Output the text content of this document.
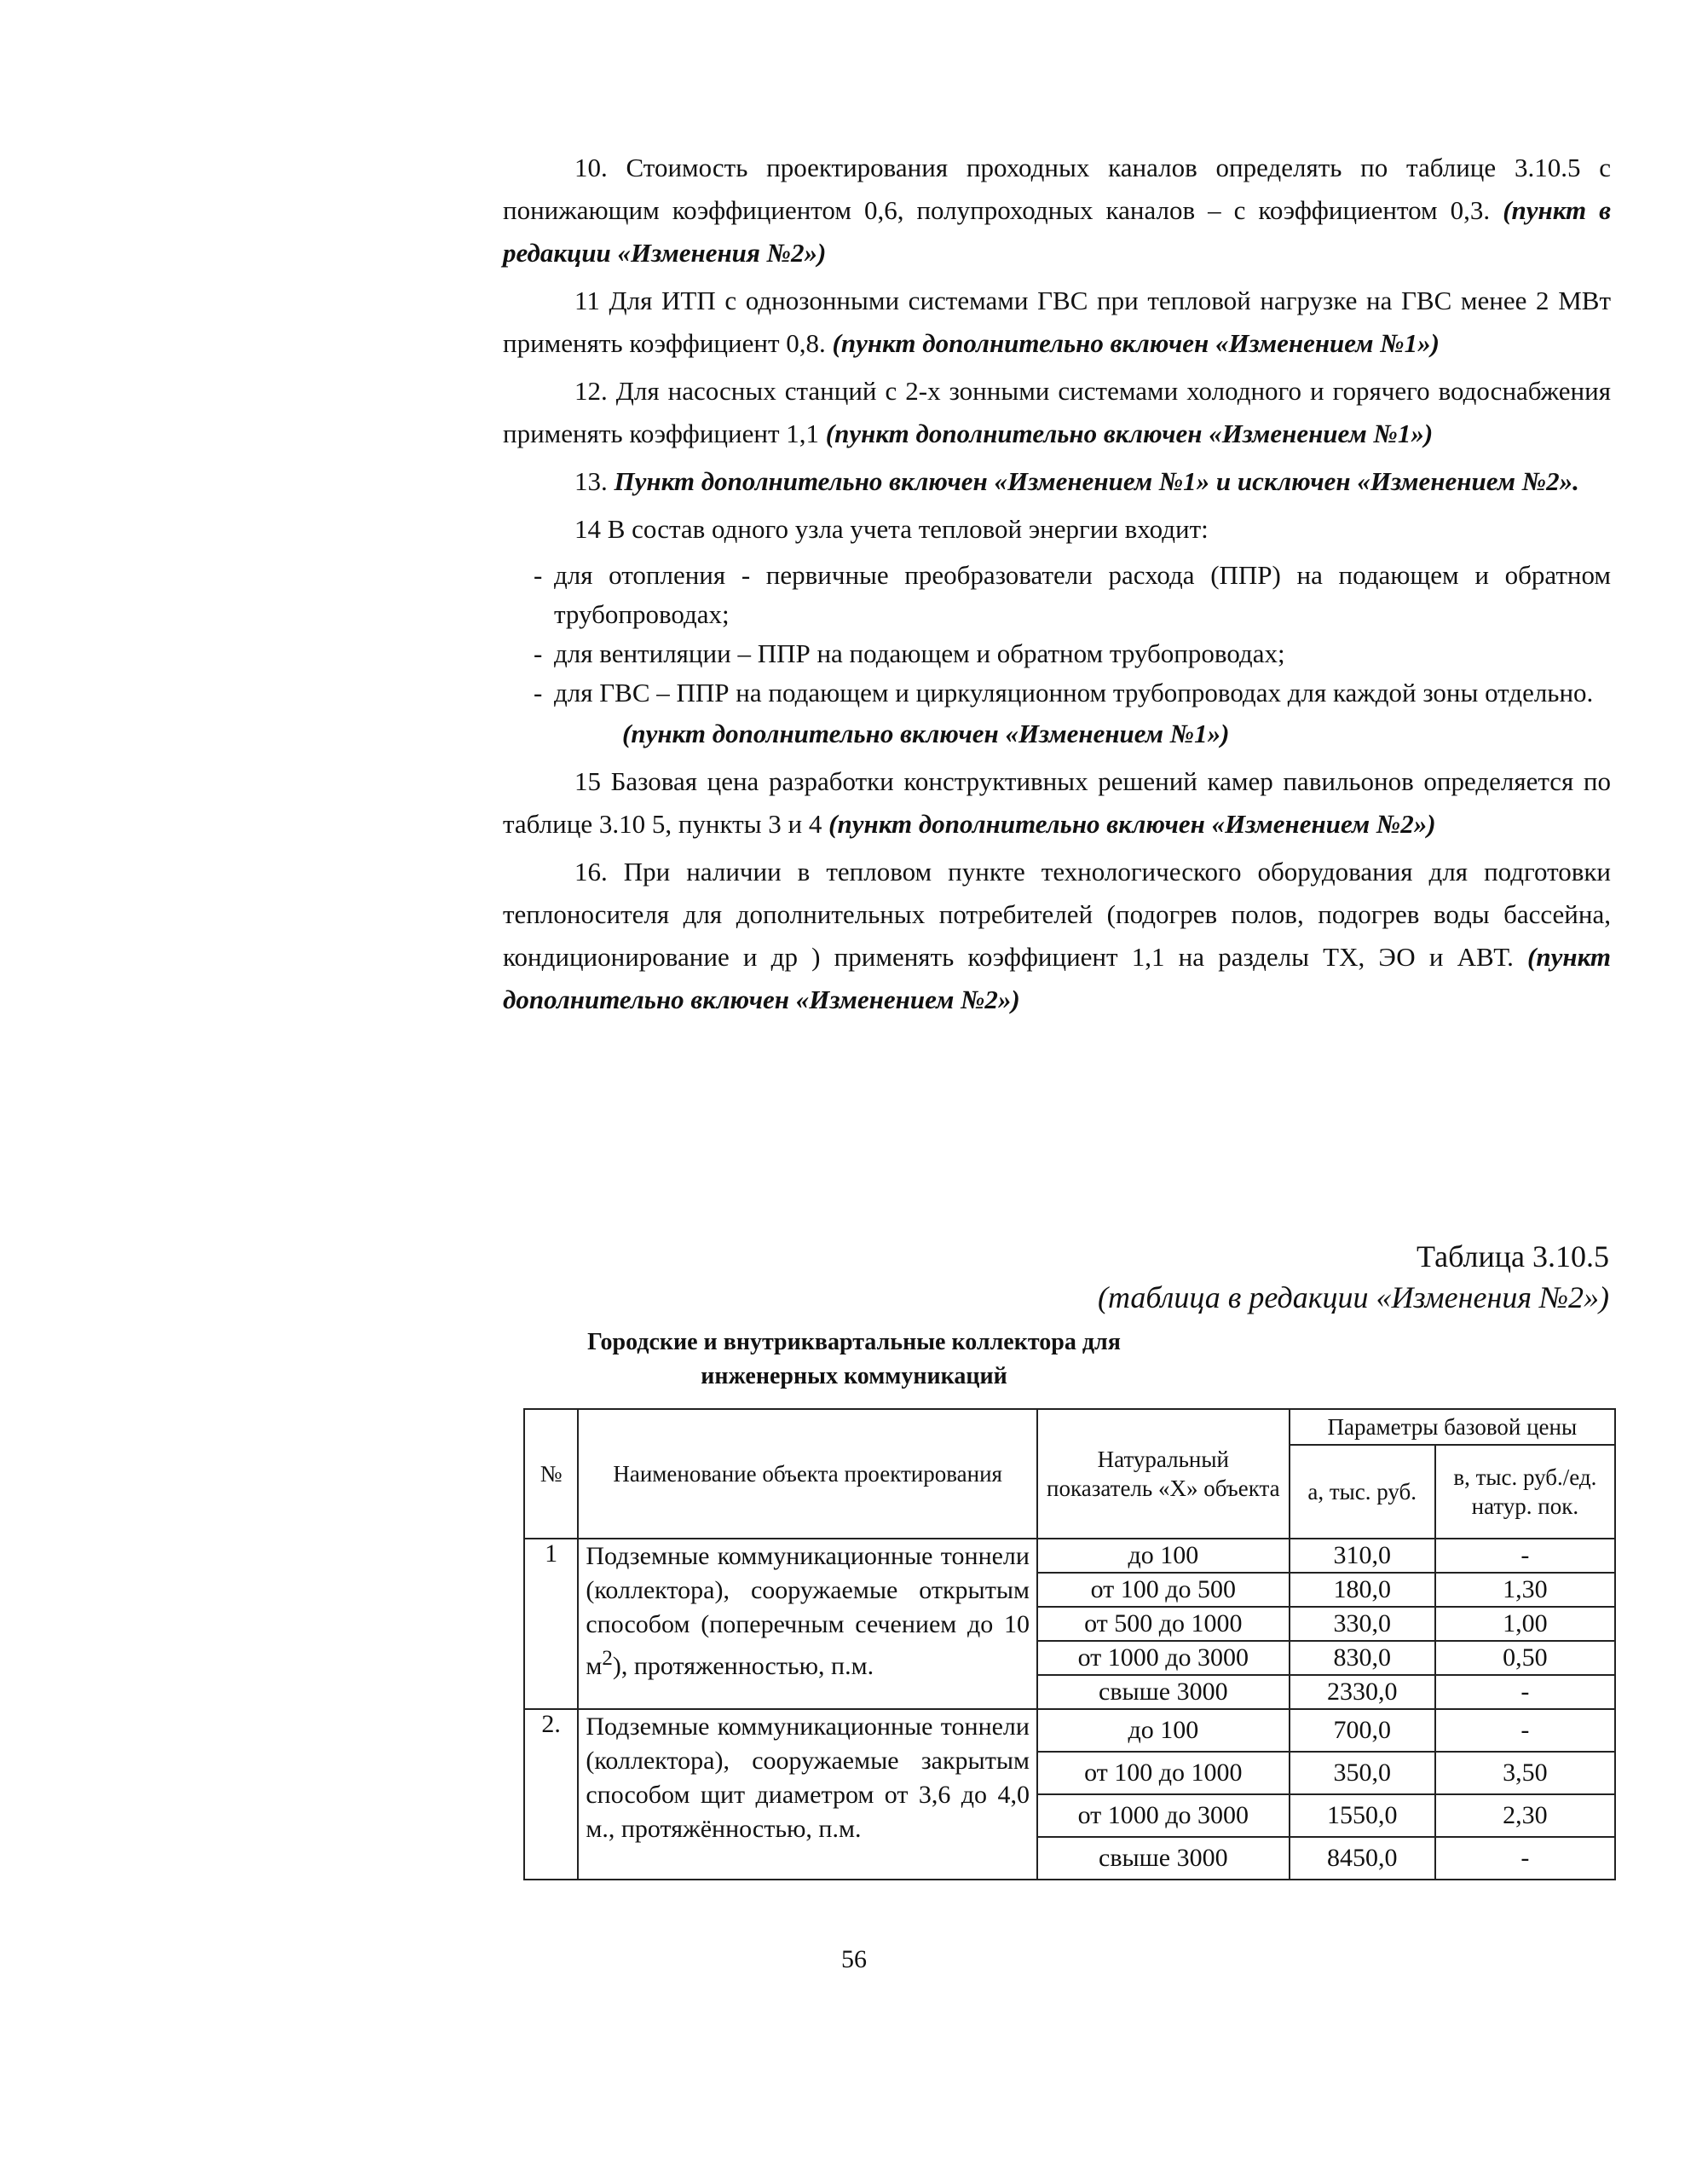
10. Стоимость проектирования проходных каналов определять по таблице 3.10.5 с понижающим коэффициентом 0,6, полупроходных каналов – с коэффициентом 0,3. (пункт в редакции «Изменения №2»)

11 Для ИТП с однозонными системами ГВС при тепловой нагрузке на ГВС менее 2 МВт применять коэффициент 0,8. (пункт дополнительно включен «Изменением №1»)

12. Для насосных станций с 2-х зонными системами холодного и горячего водоснабжения применять коэффициент 1,1 (пункт дополнительно включен «Изменением №1»)

13. Пункт дополнительно включен «Изменением №1» и исключен «Изменением №2».

14 В состав одного узла учета тепловой энергии входит:

- для отопления - первичные преобразователи расхода (ППР) на подающем и обратном трубопроводах;
- для вентиляции – ППР на подающем и обратном трубопроводах;
- для ГВС – ППР на подающем и циркуляционном трубопроводах для каждой зоны отдельно.
(пункт дополнительно включен «Изменением №1»)

15 Базовая цена разработки конструктивных решений камер павильонов определяется по таблице 3.10 5, пункты 3 и 4 (пункт дополнительно включен «Изменением №2»)

16. При наличии в тепловом пункте технологического оборудования для подготовки теплоносителя для дополнительных потребителей (подогрев полов, подогрев воды бассейна, кондиционирование и др ) применять коэффициент 1,1 на разделы ТХ, ЭО и АВТ. (пункт дополнительно включен «Изменением №2»)

Таблица 3.10.5
(таблица в редакции «Изменения №2»)
Городские и внутриквартальные коллектора для
инженерных коммуникаций
№	Наименование объекта проектирования	Натуральный показатель «Х» объекта	Параметры базовой цены	
			а, тыс. руб.	в, тыс. руб./ед. натур. пок.
1	Подземные коммуникационные тоннели (коллектора), сооружаемые открытым способом (поперечным сечением до 10 $м^2$), протяженностью, п.м.	до 100	310,0	-
		от 100 до 500	180,0	1,30
		от 500 до 1000	330,0	1,00
		от 1000 до 3000	830,0	0,50
		свыше 3000	2330,0	-
2.	Подземные коммуникационные тоннели (коллектора), сооружаемые закрытым способом щит диаметром от 3,6 до 4,0 м., протяжённостью, п.м.	до 100	700,0	-
		от 100 до 1000	350,0	3,50
		от 1000 до 3000	1550,0	2,30
		свыше 3000	8450,0	-
56
